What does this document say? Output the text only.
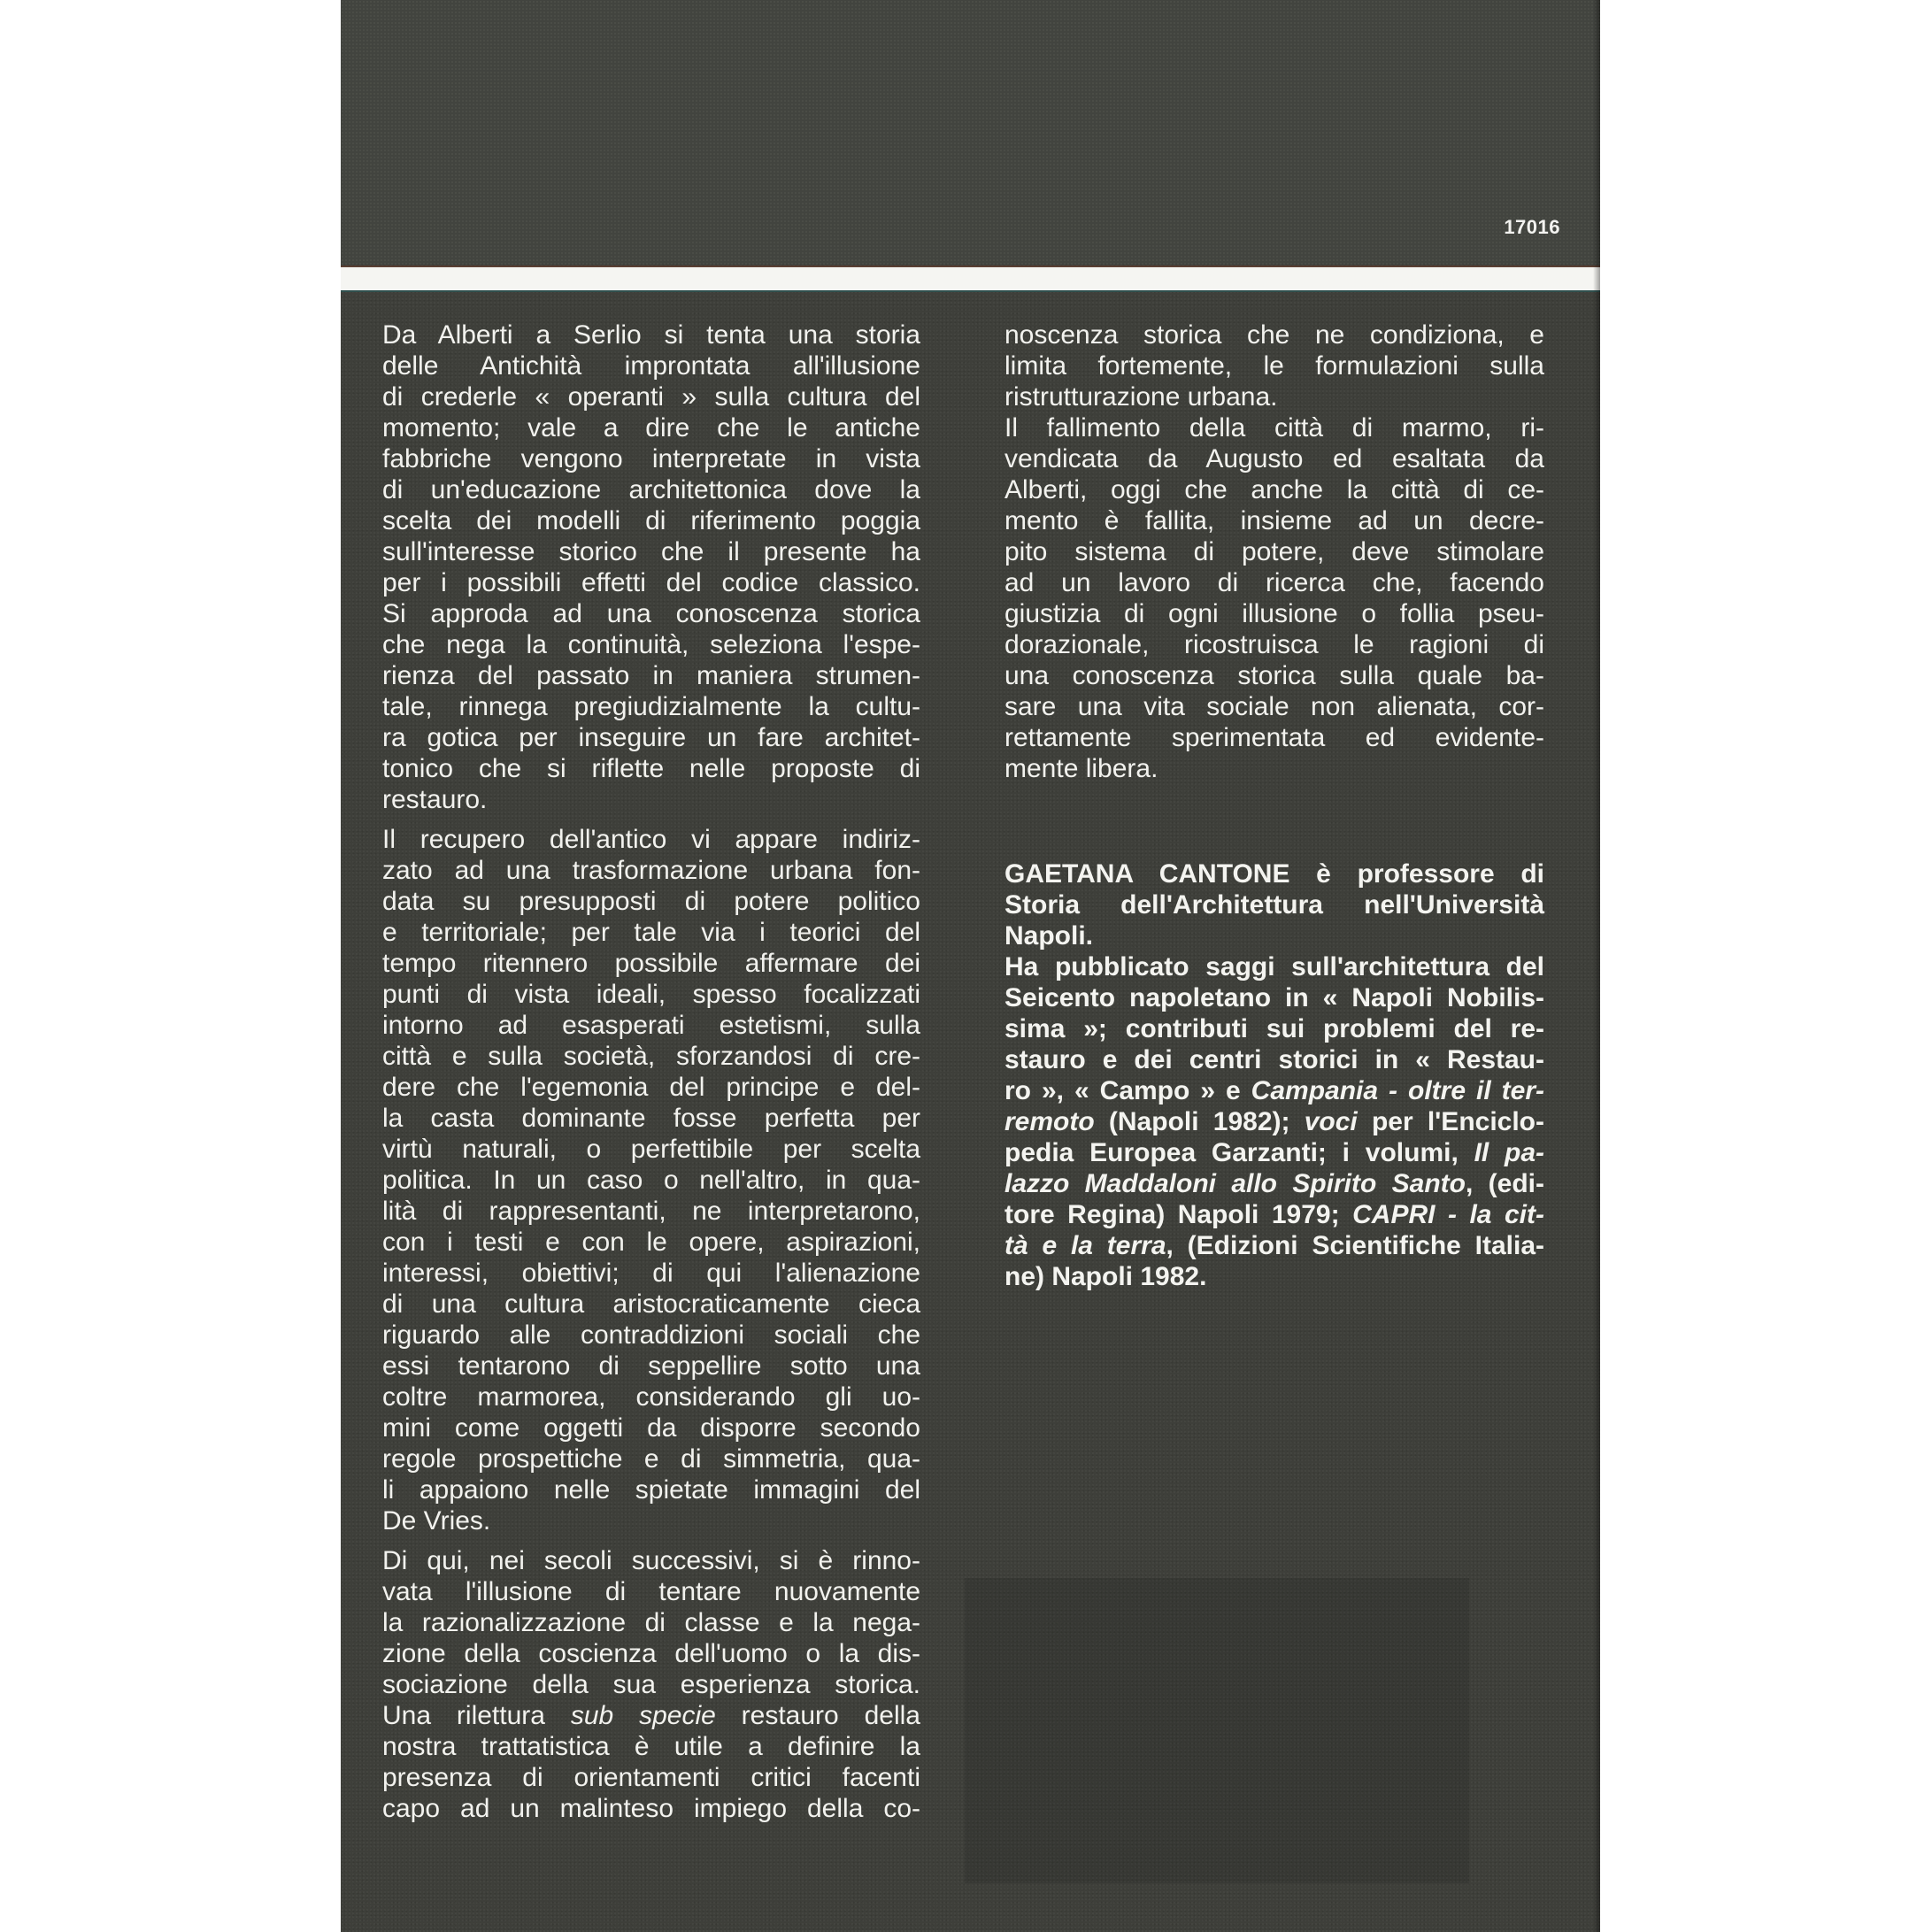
17016
Da Alberti a Serlio si tenta una storia
delle Antichità improntata all'illusione
di crederle « operanti » sulla cultura del
momento; vale a dire che le antiche
fabbriche vengono interpretate in vista
di un'educazione architettonica dove la
scelta dei modelli di riferimento poggia
sull'interesse storico che il presente ha
per i possibili effetti del codice classico.
Si approda ad una conoscenza storica
che nega la continuità, seleziona l'espe-
rienza del passato in maniera strumen-
tale, rinnega pregiudizialmente la cultu-
ra gotica per inseguire un fare architet-
tonico che si riflette nelle proposte di
restauro.
Il recupero dell'antico vi appare indiriz-
zato ad una trasformazione urbana fon-
data su presupposti di potere politico
e territoriale; per tale via i teorici del
tempo ritennero possibile affermare dei
punti di vista ideali, spesso focalizzati
intorno ad esasperati estetismi, sulla
città e sulla società, sforzandosi di cre-
dere che l'egemonia del principe e del-
la casta dominante fosse perfetta per
virtù naturali, o perfettibile per scelta
politica. In un caso o nell'altro, in qua-
lità di rappresentanti, ne interpretarono,
con i testi e con le opere, aspirazioni,
interessi, obiettivi; di qui l'alienazione
di una cultura aristocraticamente cieca
riguardo alle contraddizioni sociali che
essi tentarono di seppellire sotto una
coltre marmorea, considerando gli uo-
mini come oggetti da disporre secondo
regole prospettiche e di simmetria, qua-
li appaiono nelle spietate immagini del
De Vries.
Di qui, nei secoli successivi, si è rinno-
vata l'illusione di tentare nuovamente
la razionalizzazione di classe e la nega-
zione della coscienza dell'uomo o la dis-
sociazione della sua esperienza storica.
Una rilettura sub specie restauro della
nostra trattatistica è utile a definire la
presenza di orientamenti critici facenti
capo ad un malinteso impiego della co-
noscenza storica che ne condiziona, e
limita fortemente, le formulazioni sulla
ristrutturazione urbana.
Il fallimento della città di marmo, ri-
vendicata da Augusto ed esaltata da
Alberti, oggi che anche la città di ce-
mento è fallita, insieme ad un decre-
pito sistema di potere, deve stimolare
ad un lavoro di ricerca che, facendo
giustizia di ogni illusione o follia pseu-
dorazionale, ricostruisca le ragioni di
una conoscenza storica sulla quale ba-
sare una vita sociale non alienata, cor-
rettamente sperimentata ed evidente-
mente libera.
GAETANA CANTONE è professore di
Storia dell'Architettura nell'Università
Napoli.
Ha pubblicato saggi sull'architettura del
Seicento napoletano in « Napoli Nobilis-
sima »; contributi sui problemi del re-
stauro e dei centri storici in « Restau-
ro », « Campo » e Campania - oltre il ter-
remoto (Napoli 1982); voci per l'Enciclo-
pedia Europea Garzanti; i volumi, Il pa-
lazzo Maddaloni allo Spirito Santo, (edi-
tore Regina) Napoli 1979; CAPRI - la cit-
tà e la terra, (Edizioni Scientifiche Italia-
ne) Napoli 1982.
